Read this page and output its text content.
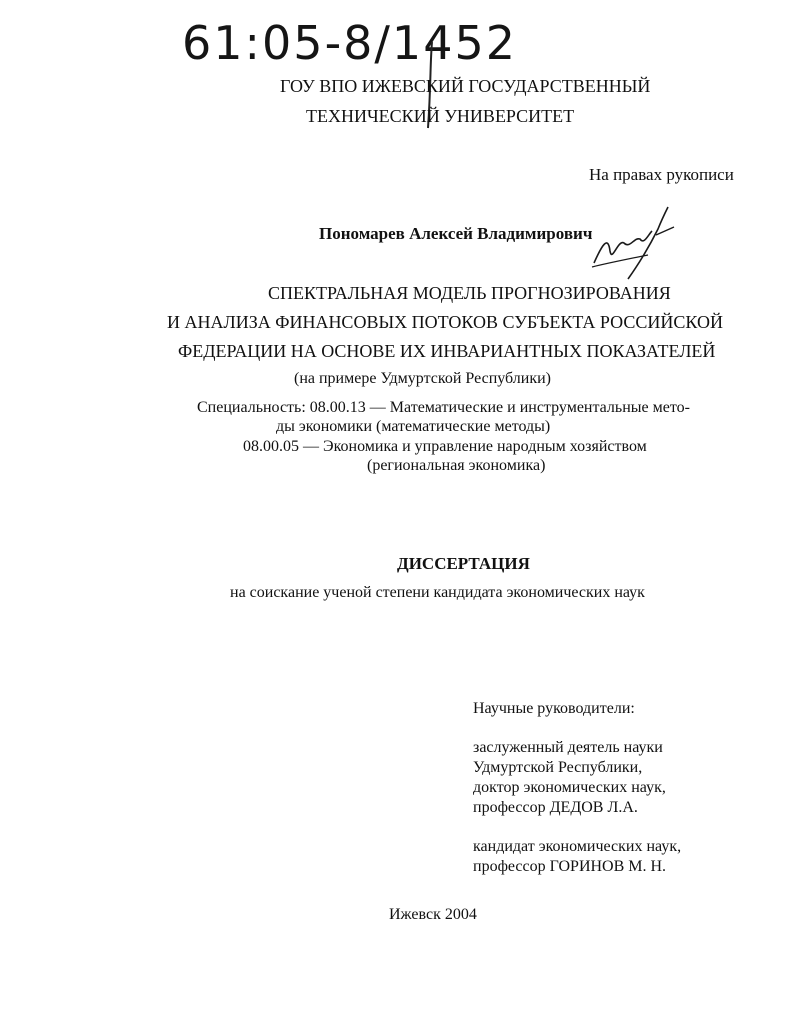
61:05-8/1452
ГОУ ВПО ИЖЕВСКИЙ ГОСУДАРСТВЕННЫЙ
ТЕХНИЧЕСКИЙ УНИВЕРСИТЕТ
На правах рукописи
Пономарев Алексей Владимирович
СПЕКТРАЛЬНАЯ МОДЕЛЬ ПРОГНОЗИРОВАНИЯ
И АНАЛИЗА ФИНАНСОВЫХ ПОТОКОВ СУБЪЕКТА РОССИЙСКОЙ
ФЕДЕРАЦИИ НА ОСНОВЕ ИХ ИНВАРИАНТНЫХ ПОКАЗАТЕЛЕЙ
(на примере Удмуртской Республики)
Специальность: 08.00.13 — Математические и инструментальные мето-
ды экономики (математические методы)
08.00.05 — Экономика и управление народным хозяйством
(региональная экономика)
ДИССЕРТАЦИЯ
на соискание ученой степени кандидата экономических наук
Научные руководители:
заслуженный деятель науки
Удмуртской Республики,
доктор экономических наук,
профессор ДЕДОВ Л.А.
кандидат экономических наук,
профессор ГОРИНОВ М. Н.
Ижевск 2004
